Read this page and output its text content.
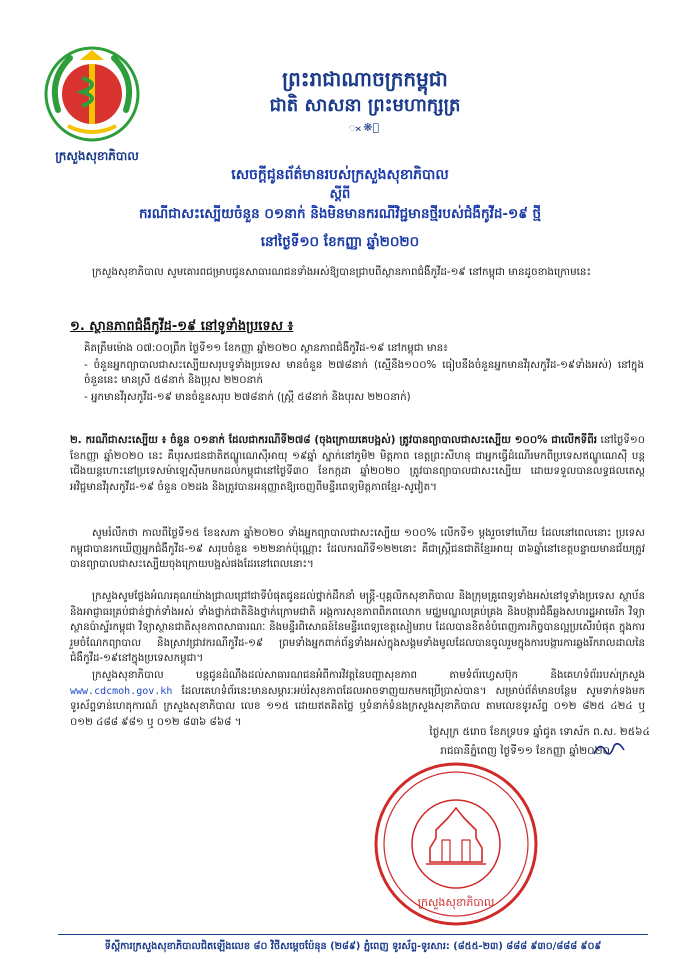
ក្រសួងសុខាភិបាល
ព្រះរាជាណាចក្រកម្ពុជា
ជាតិ សាសនា ព្រះមហាក្សត្រ
ᯬ❋ᯬ
សេចក្តីជូនព័ត៌មានរបស់ក្រសួងសុខាភិបាល
ស្តីពី
ករណីជាសះស្បើយចំនួន ០១នាក់ និងមិនមានករណីវិជ្ជមានថ្មីរបស់ជំងឺកូវីដ-១៩ ថ្មី
នៅថ្ងៃទី១០ ខែកញ្ញា ឆ្នាំ២០២០
ក្រសួងសុខាភិបាល សូមគោរពជម្រាបជូនសាធារណជនទាំងអស់ឱ្យបានជ្រាបពីស្ថានភាពជំងឺកូវីដ-១៩ នៅកម្ពុជា មានដូចខាងក្រោមនេះ
១. ស្ថានភាពជំងឺកូវីដ-១៩ នៅទូទាំងប្រទេស ៖

គិតត្រឹមម៉ោង ០៧:០០ព្រឹក ថ្ងៃទី១១ ខែកញ្ញា ឆ្នាំ២០២០ ស្ថានភាពជំងឺកូវីដ-១៩ នៅកម្ពុជា មាន៖

- ចំនួនអ្នកព្យាបាលជាសះស្បើយសរុបទូទាំងប្រទេស មានចំនួន ២៧៨នាក់ (ស្មើនឹង១០០% ធៀបនឹងចំនួនអ្នកមានវីរុសកូវីដ-១៩ទាំងអស់) នៅក្នុងចំនួននេះ មានស្រី ៥៨នាក់ និងប្រុស ២២០នាក់

- អ្នកមានវីរុសកូវីដ-១៩ មានចំនួនសរុប ២៧៨នាក់ (ស្រ្តី ៥៨នាក់ និងបុរស ២២០នាក់)

២. ករណីជាសះស្បើយ ៖ ចំនួន ០១នាក់ ដែលជាករណីទី២៧៨ (ចុងក្រោយគេបង្អស់) ត្រូវបានព្យាបាលជាសះស្បើយ ១០០% ជាលើកទីពីរ នៅថ្ងៃទី១០ ខែកញ្ញា ឆ្នាំ២០២០ នេះ គឺបុរសជនជាតិឥណ្ឌូណេស៊ីអាយុ ១៩ឆ្នាំ ស្នាក់នៅភូមិ២ មិត្តភាព ខេត្តព្រះសីហនុ ជាអ្នកធ្វើដំណើរមកពីប្រទេសឥណ្ឌូណេស៊ី បន្តជើងយន្តហោះនៅប្រទេសម៉ាឡេស៊ីមកមកដល់កម្ពុជានៅថ្ងៃទី៣០ ខែកក្កដា ឆ្នាំ២០២០ ត្រូវបានព្យាបាលជាសះស្បើយ ដោយទទួលបានលទ្ធផលតេស្ត អវិជ្ជមានវីរុសកូវីដ-១៩ ចំនួន ០២ដង និងត្រូវបានអនុញ្ញាតឱ្យចេញពីមន្ទីរពេទ្យមិត្តភាពខ្មែរ-សូវៀត។

សូមរំលឹកថា កាលពីថ្ងៃទី១៥ ខែឧសភា ឆ្នាំ២០២០ ទាំងអ្នកព្យាបាលជាសះស្បើយ ១០០% លើកទី១ ម្តងរួចទៅហើយ ដែលនៅពេលនោះ ប្រទេសកម្ពុជាបានរកឃើញអ្នកជំងឺកូវីដ-១៩ សរុបចំនួន ១២២នាក់ប៉ុណ្ណោះ ដែលករណីទី១២២នោះ គឺជាស្ត្រីជនជាតិខ្មែរអាយុ ៣៦ឆ្នាំនៅខេត្តបន្ទាយមានជ័យត្រូវបានព្យាបាលជាសះស្បើយចុងក្រោយបង្អស់ផងដែរនៅពេលនោះ។

ក្រសួងសូមថ្លែងអំណរគុណយ៉ាងជ្រាលជ្រៅជាទីបំផុតជូនដល់ថ្នាក់ដឹកនាំ មន្ត្រី-បុគ្គលិកសុខាភិបាល និងក្រុមគ្រូពេទ្យទាំងអស់នៅទូទាំងប្រទេស ស្ថាប័ន និងអាជ្ញាធរគ្រប់ជាន់ថ្នាក់ទាំងអស់ ទាំងថ្នាក់ជាតិនិងថ្នាក់ក្រោមជាតិ អង្គការសុខភាពពិភពលោក មជ្ឈមណ្ឌលគ្រប់គ្រង និងបង្ការជំងឺឆ្លងសហរដ្ឋអាមេរិក វិទ្យាស្ថានប៉ាស្ទ័រកម្ពុជា វិទ្យាស្ថានជាតិសុខភាពសាធារណៈ និងមន្ទីរពិសោធន៍នៃមន្ទីរពេទ្យខេត្តសៀមរាប ដែលបានខិតខំបំពេញភារកិច្ចបានល្អប្រសើរបំផុត ក្នុងការរួមចំណែកព្យាបាល និងស្រាវជ្រាវករណីកូវីដ-១៩ ព្រមទាំងអ្នកពាក់ព័ន្ធទាំងអស់ក្នុងសង្គមទាំងមូលដែលបានចូលរួមក្នុងការបង្ការការឆ្លងរីករាលដាលនៃជំងឺកូវីដ-១៩នៅក្នុងប្រទេសកម្ពុជា។

ក្រសួងសុខាភិបាល បន្តជូនដំណឹងដល់សាធារណជនអំពីការវិវត្តនៃបញ្ហាសុខភាព តាមទំព័រហ្វេសប៊ុក និងគេហទំព័ររបស់ក្រសួង www.cdcmoh.gov.kh ដែលគេហទំព័រនេះមានសម្ភារៈអប់រំសុខភាពដែលអាចទាញយកមកប្រើប្រាស់បាន។ សម្រាប់ព័ត៌មានបន្ថែម សូមទាក់ទងមកទូរស័ព្ទទាន់ហេតុការណ៍ ក្រសួងសុខាភិបាល លេខ ១១៥ ដោយឥតគិតថ្លៃ ឬទំនាក់ទំនងក្រសួងសុខាភិបាល តាមលេខទូរស័ព្ទ ០១២ ៨២៥ ៤២៤ ឬ ០១២ ៤៨៨ ៩៨១ ឬ ០១២ ៨៣៦ ៨៦៨ ។

ថ្ងៃសុក្រ ៥រោច ខែភទ្របទ ឆ្នាំជូត ទោស័ក ព.ស. ២៥៦៤
រាជធានីភ្នំពេញ ថ្ងៃទី១១ ខែកញ្ញា ឆ្នាំ២០២០
ក្រសួងសុខាភិបាល
ទីស្តីការក្រសួងសុខាភិបាលជិតឡើងលេខ ៨០ វិថីសម្តេចប៉ែនុន (២៨៩) ភ្នំពេញ ទូរស័ព្ទ-ទូរសារ: (៨៥៥-២៣) ៨៨៨ ៩៣០/៨៨៨ ៩០៩
